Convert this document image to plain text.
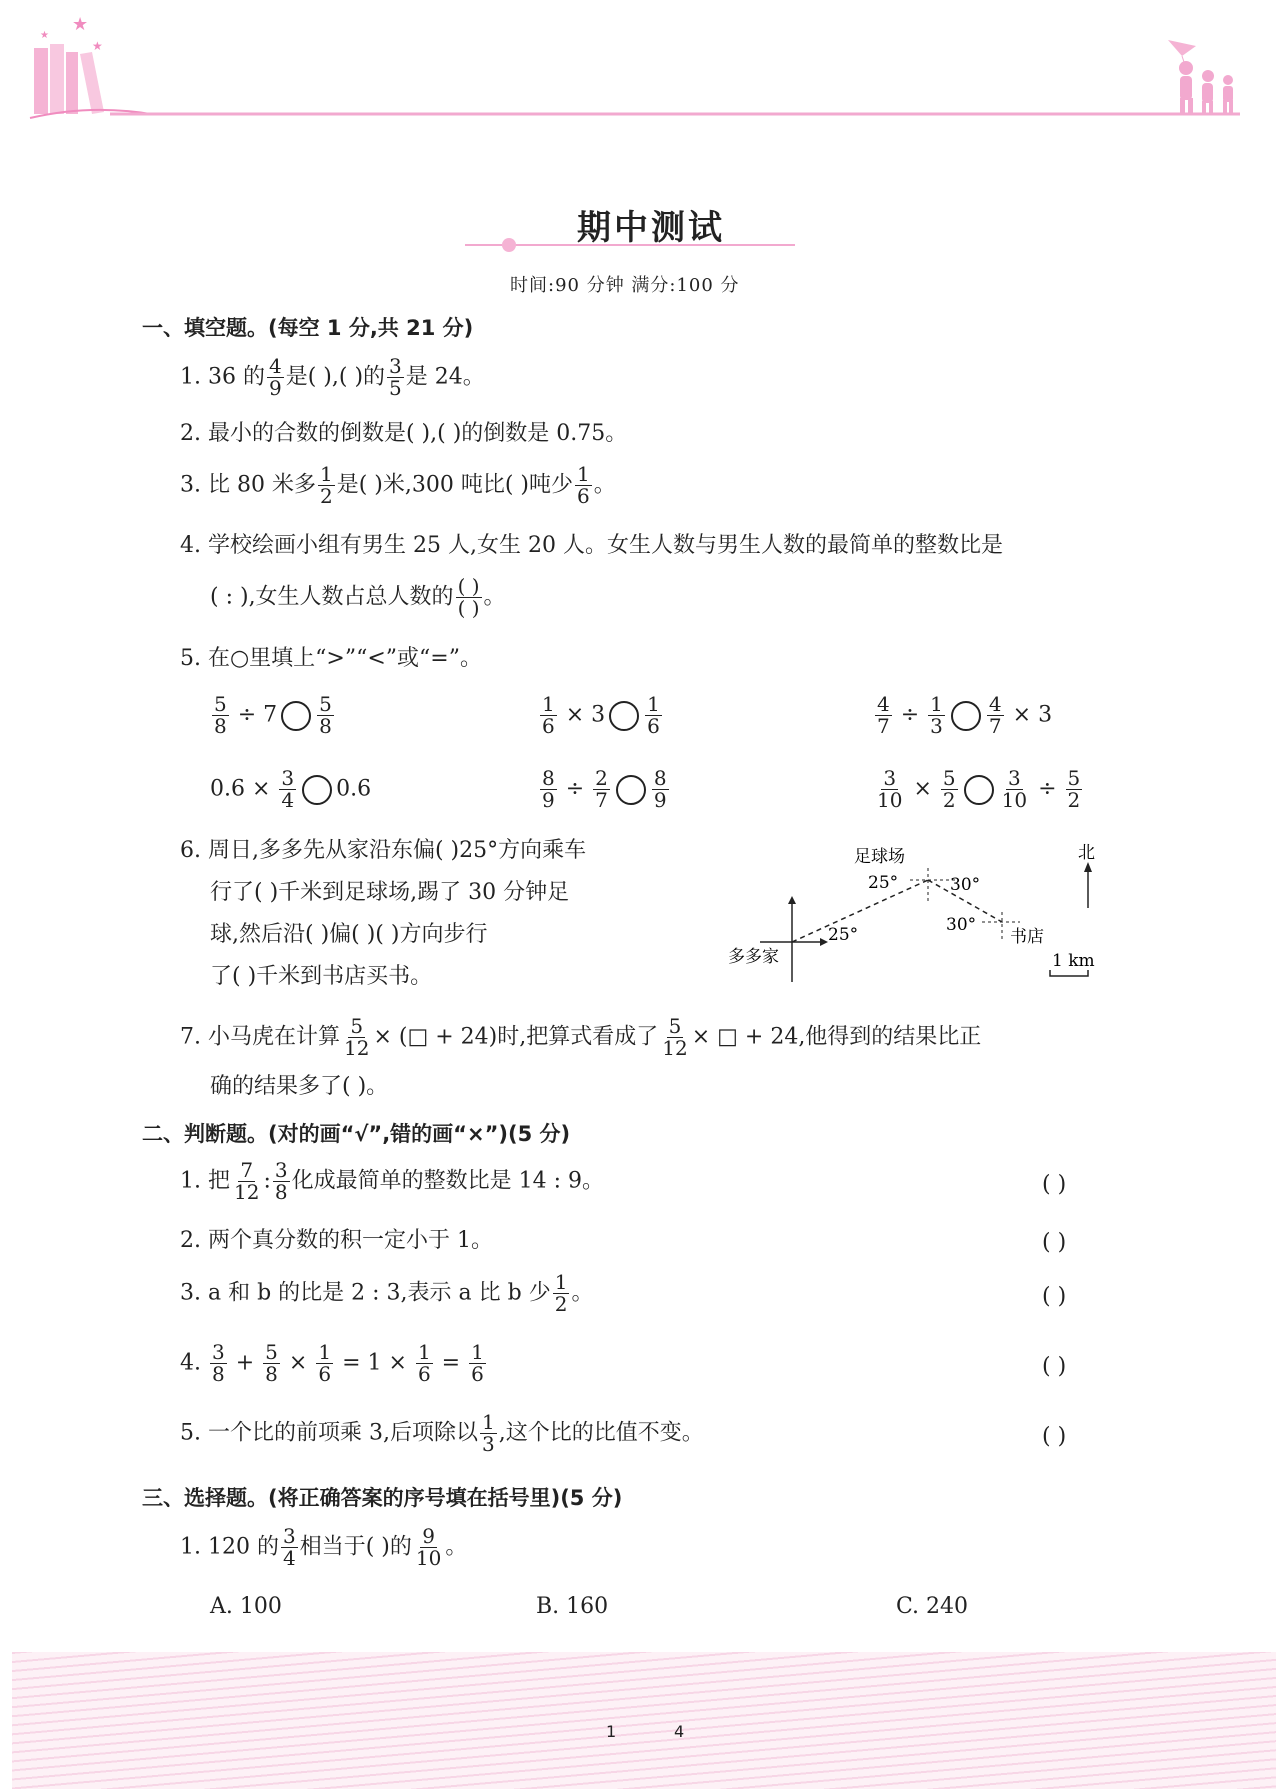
★
★
★
期中测试
时间:90 分钟 满分:100 分
一、填空题。(每空 1 分,共 21 分)
1. 36 的 $\frac{4}{9}$ 是( ),( )的 $\frac{3}{5}$ 是 24。
2. 最小的合数的倒数是( ),( )的倒数是 0.75。
3. 比 80 米多 $\frac{1}{2}$ 是( )米,300 吨比( )吨少 $\frac{1}{6}$ 。
4. 学校绘画小组有男生 25 人,女生 20 人。女生人数与男生人数的最简单的整数比是
( : ),女生人数占总人数的 $\frac{( )}{( )}$ 。
5. 在○里填上“>”“<”或“=”。
$\frac{5}{8} \div 7 \frac{5}{8}$	$\frac{1}{6} \times 3 \frac{1}{6}$	$\frac{4}{7} \div \frac{1}{3} \frac{4}{7} \times 3$
$0.6 \times \frac{3}{4} 0.6$	$\frac{8}{9} \div \frac{2}{7} \frac{8}{9}$	$\frac{3}{10} \times \frac{5}{2} \frac{3}{10} \div \frac{5}{2}$
6. 周日,多多先从家沿东偏( )25°方向乘车
行了( )千米到足球场,踢了 30 分钟足
球,然后沿( )偏( )( )方向步行
了( )千米到书店买书。
多多家
足球场
书店
北
25°	30°
30°
25°
1 km
7. 小马虎在计算 $\frac{5}{12}$ × (□ + 24)时,把算式看成了 $\frac{5}{12}$ × □ + 24,他得到的结果比正
确的结果多了( )。
二、判断题。(对的画“√”,错的画“×”)(5 分)
1. 把 $\frac{7}{12}$ : $\frac{3}{8}$ 化成最简单的整数比是 14 : 9。	( )
2. 两个真分数的积一定小于 1。	( )
3. a 和 b 的比是 2 : 3,表示 a 比 b 少 $\frac{1}{2}$ 。	( )
4. $\frac{3}{8} + \frac{5}{8} \times \frac{1}{6} = 1 \times \frac{1}{6} = \frac{1}{6}$	( )
5. 一个比的前项乘 3,后项除以 $\frac{1}{3}$ ,这个比的比值不变。	( )
三、选择题。(将正确答案的序号填在括号里)(5 分)
1. 120 的 $\frac{3}{4}$ 相当于( )的 $\frac{9}{10}$ 。
A. 100	B. 160	C. 240
1	4
